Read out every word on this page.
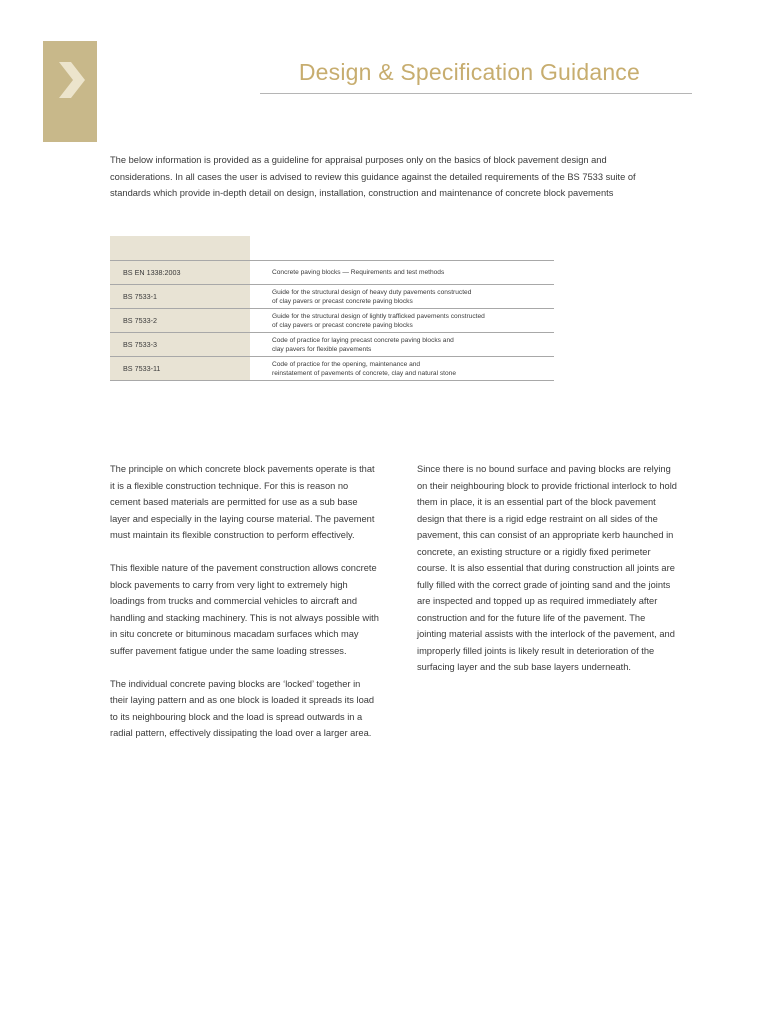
Design & Specification Guidance

The below information is provided as a guideline for appraisal purposes only on the basics of block pavement design and considerations. In all cases the user is advised to review this guidance against the detailed requirements of the BS 7533 suite of standards which provide in-depth detail on design, installation, construction and maintenance of concrete block pavements

BS EN 1338:2003	Concrete paving blocks — Requirements and test methods
BS 7533-1	Guide for the structural design of heavy duty pavements constructed
of clay pavers or precast concrete paving blocks
BS 7533-2	Guide for the structural design of lightly trafficked pavements constructed
of clay pavers or precast concrete paving blocks
BS 7533-3	Code of practice for laying precast concrete paving blocks and
clay pavers for flexible pavements
BS 7533-11	Code of practice for the opening, maintenance and
reinstatement of pavements of concrete, clay and natural stone

The principle on which concrete block pavements operate is that it is a flexible construction technique. For this is reason no cement based materials are permitted for use as a sub base layer and especially in the laying course material. The pavement must maintain its flexible construction to perform effectively.

This flexible nature of the pavement construction allows concrete block pavements to carry from very light to extremely high loadings from trucks and commercial vehicles to aircraft and handling and stacking machinery. This is not always possible with in situ concrete or bituminous macadam surfaces which may suffer pavement fatigue under the same loading stresses.

The individual concrete paving blocks are ‘locked’ together in their laying pattern and as one block is loaded it spreads its load to its neighbouring block and the load is spread outwards in a radial pattern, effectively dissipating the load over a larger area.

Since there is no bound surface and paving blocks are relying on their neighbouring block to provide frictional interlock to hold them in place, it is an essential part of the block pavement design that there is a rigid edge restraint on all sides of the pavement, this can consist of an appropriate kerb haunched in concrete, an existing structure or a rigidly fixed perimeter course. It is also essential that during construction all joints are fully filled with the correct grade of jointing sand and the joints are inspected and topped up as required immediately after construction and for the future life of the pavement. The jointing material assists with the interlock of the pavement, and improperly filled joints is likely result in deterioration of the surfacing layer and the sub base layers underneath.
